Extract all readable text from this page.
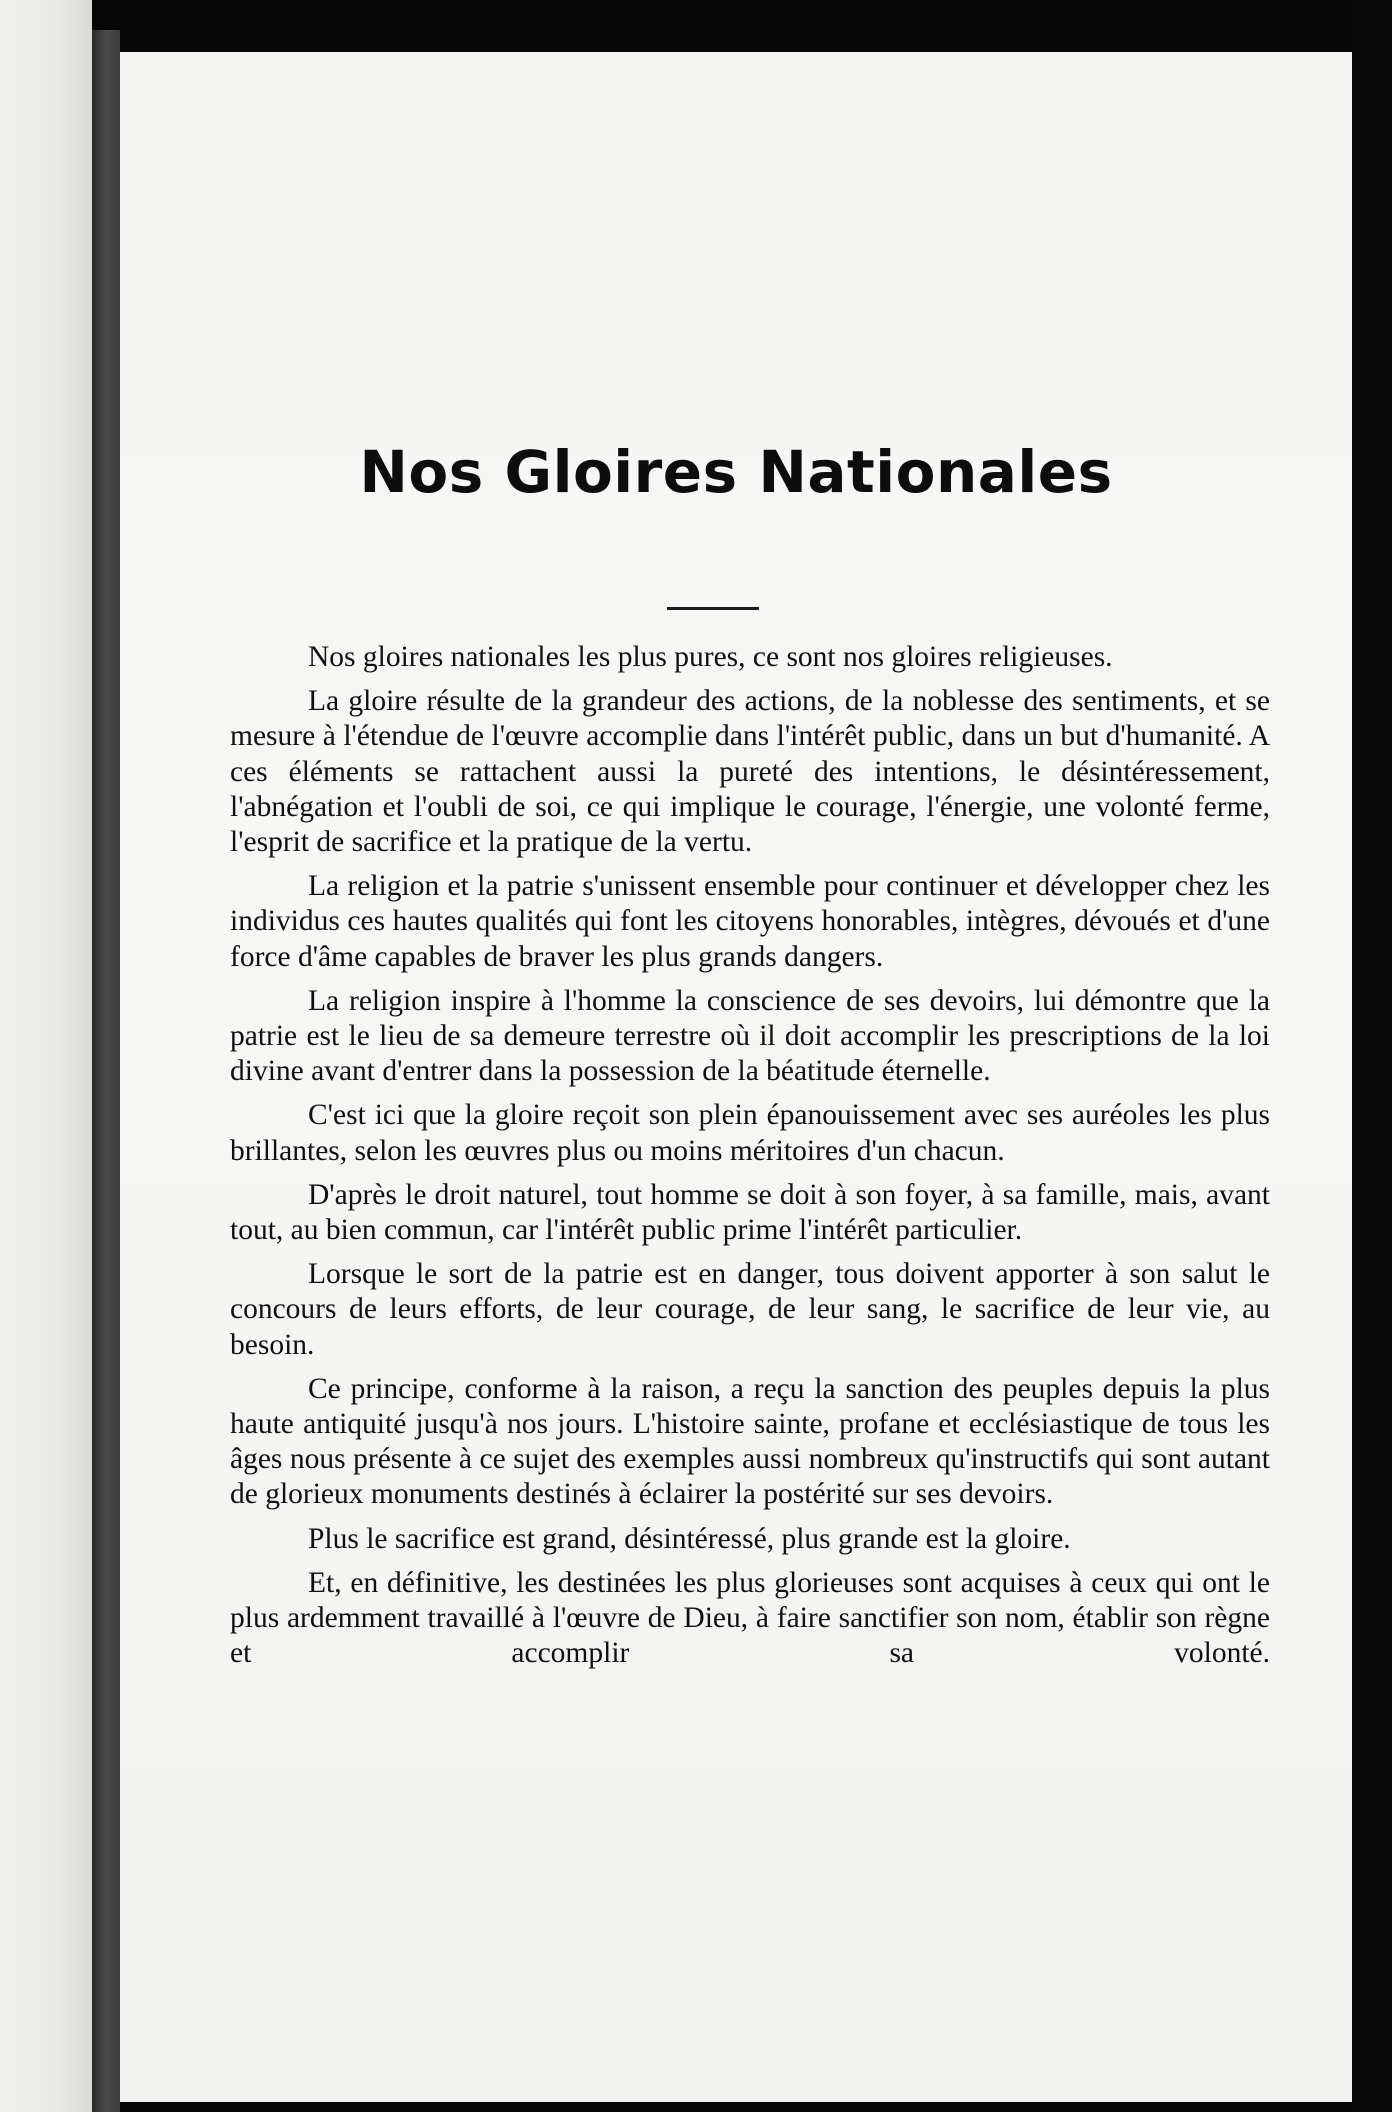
Nos Gloires Nationales

Nos gloires nationales les plus pures, ce sont nos gloires religieuses.

La gloire résulte de la grandeur des actions, de la noblesse des sentiments, et se mesure à l'étendue de l'œuvre accomplie dans l'intérêt public, dans un but d'humanité. A ces éléments se rattachent aussi la pureté des intentions, le désintéressement, l'abnégation et l'oubli de soi, ce qui implique le courage, l'énergie, une volonté ferme, l'esprit de sacrifice et la pratique de la vertu.

La religion et la patrie s'unissent ensemble pour continuer et développer chez les individus ces hautes qualités qui font les citoyens honorables, intègres, dévoués et d'une force d'âme capables de braver les plus grands dangers.

La religion inspire à l'homme la conscience de ses devoirs, lui démontre que la patrie est le lieu de sa demeure terrestre où il doit accomplir les prescriptions de la loi divine avant d'entrer dans la possession de la béatitude éternelle.

C'est ici que la gloire reçoit son plein épanouissement avec ses auréoles les plus brillantes, selon les œuvres plus ou moins méritoires d'un chacun.

D'après le droit naturel, tout homme se doit à son foyer, à sa famille, mais, avant tout, au bien commun, car l'intérêt public prime l'intérêt particulier.

Lorsque le sort de la patrie est en danger, tous doivent apporter à son salut le concours de leurs efforts, de leur courage, de leur sang, le sacrifice de leur vie, au besoin.

Ce principe, conforme à la raison, a reçu la sanction des peuples depuis la plus haute antiquité jusqu'à nos jours. L'histoire sainte, profane et ecclésiastique de tous les âges nous présente à ce sujet des exemples aussi nombreux qu'instructifs qui sont autant de glorieux monuments destinés à éclairer la postérité sur ses devoirs.

Plus le sacrifice est grand, désintéressé, plus grande est la gloire.

Et, en définitive, les destinées les plus glorieuses sont acquises à ceux qui ont le plus ardemment travaillé à l'œuvre de Dieu, à faire sanctifier son nom, établir son règne et accomplir sa volonté.
